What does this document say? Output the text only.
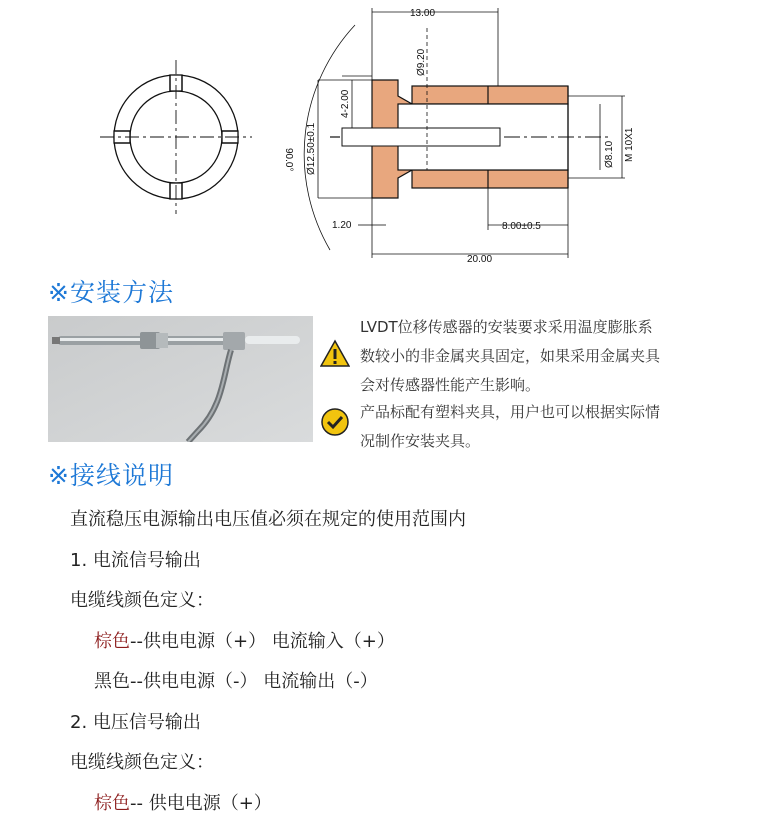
13.00
Ø9.20
4-2.00
Ø12.50±0.1
90.0°
1.20	8.00±0.5
20.00
Ø8.10 M 10X1
※安装方法
LVDT位移传感器的安装要求采用温度膨胀系
数较小的非金属夹具固定，如果采用金属夹具
会对传感器性能产生影响。
产品标配有塑料夹具，用户也可以根据实际情
况制作安装夹具。
※接线说明
直流稳压电源输出电压值必须在规定的使用范围内
1. 电流信号输出
电缆线颜色定义：
棕色--供电电源（+） 电流输入（+）
黑色--供电电源（-） 电流输出（-）
2. 电压信号输出
电缆线颜色定义：
棕色-- 供电电源（+）
